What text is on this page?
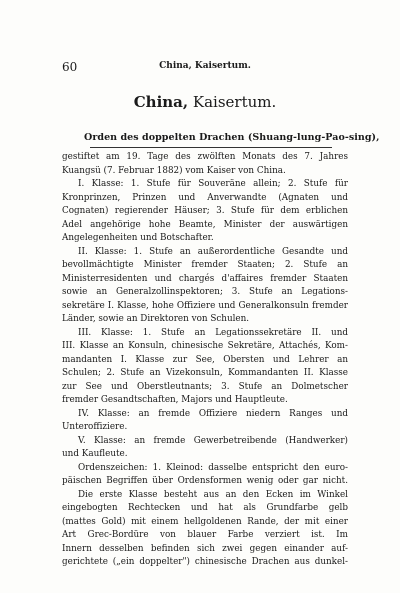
60	China, Kaisertum.
China, Kaisertum.
Orden des doppelten Drachen (Shuang-lung-Pao-sing),
gestiftet am 19. Tage des zwölften Monats des 7. Jahres
Kuangsü (7. Februar 1882) vom Kaiser von China.
I. Klasse: 1. Stufe für Souveräne allein; 2. Stufe für
Kronprinzen, Prinzen und Anverwandte (Agnaten und
Cognaten) regierender Häuser; 3. Stufe für dem erblichen
Adel angehörige hohe Beamte, Minister der auswärtigen
Angelegenheiten und Botschafter.
II. Klasse: 1. Stufe an außerordentliche Gesandte und
bevollmächtigte Minister fremder Staaten; 2. Stufe an
Ministerresidenten und chargés d'affaires fremder Staaten
sowie an Generalzollinspektoren; 3. Stufe an Legations-
sekretäre I. Klasse, hohe Offiziere und Generalkonsuln fremder
Länder, sowie an Direktoren von Schulen.
III. Klasse: 1. Stufe an Legationssekretäre II. und
III. Klasse an Konsuln, chinesische Sekretäre, Attachés, Kom-
mandanten I. Klasse zur See, Obersten und Lehrer an
Schulen; 2. Stufe an Vizekonsuln, Kommandanten II. Klasse
zur See und Oberstleutnants; 3. Stufe an Dolmetscher
fremder Gesandtschaften, Majors und Hauptleute.
IV. Klasse: an fremde Offiziere niedern Ranges und
Unteroffiziere.
V. Klasse: an fremde Gewerbetreibende (Handwerker)
und Kaufleute.
Ordenszeichen: 1. Kleinod: dasselbe entspricht den euro-
päischen Begriffen über Ordensformen wenig oder gar nicht.
Die erste Klasse besteht aus an den Ecken im Winkel
eingebogten Rechtecken und hat als Grundfarbe gelb
(mattes Gold) mit einem hellgoldenen Rande, der mit einer
Art Grec-Bordüre von blauer Farbe verziert ist. Im
Innern desselben befinden sich zwei gegen einander auf-
gerichtete („ein doppelter") chinesische Drachen aus dunkel-
